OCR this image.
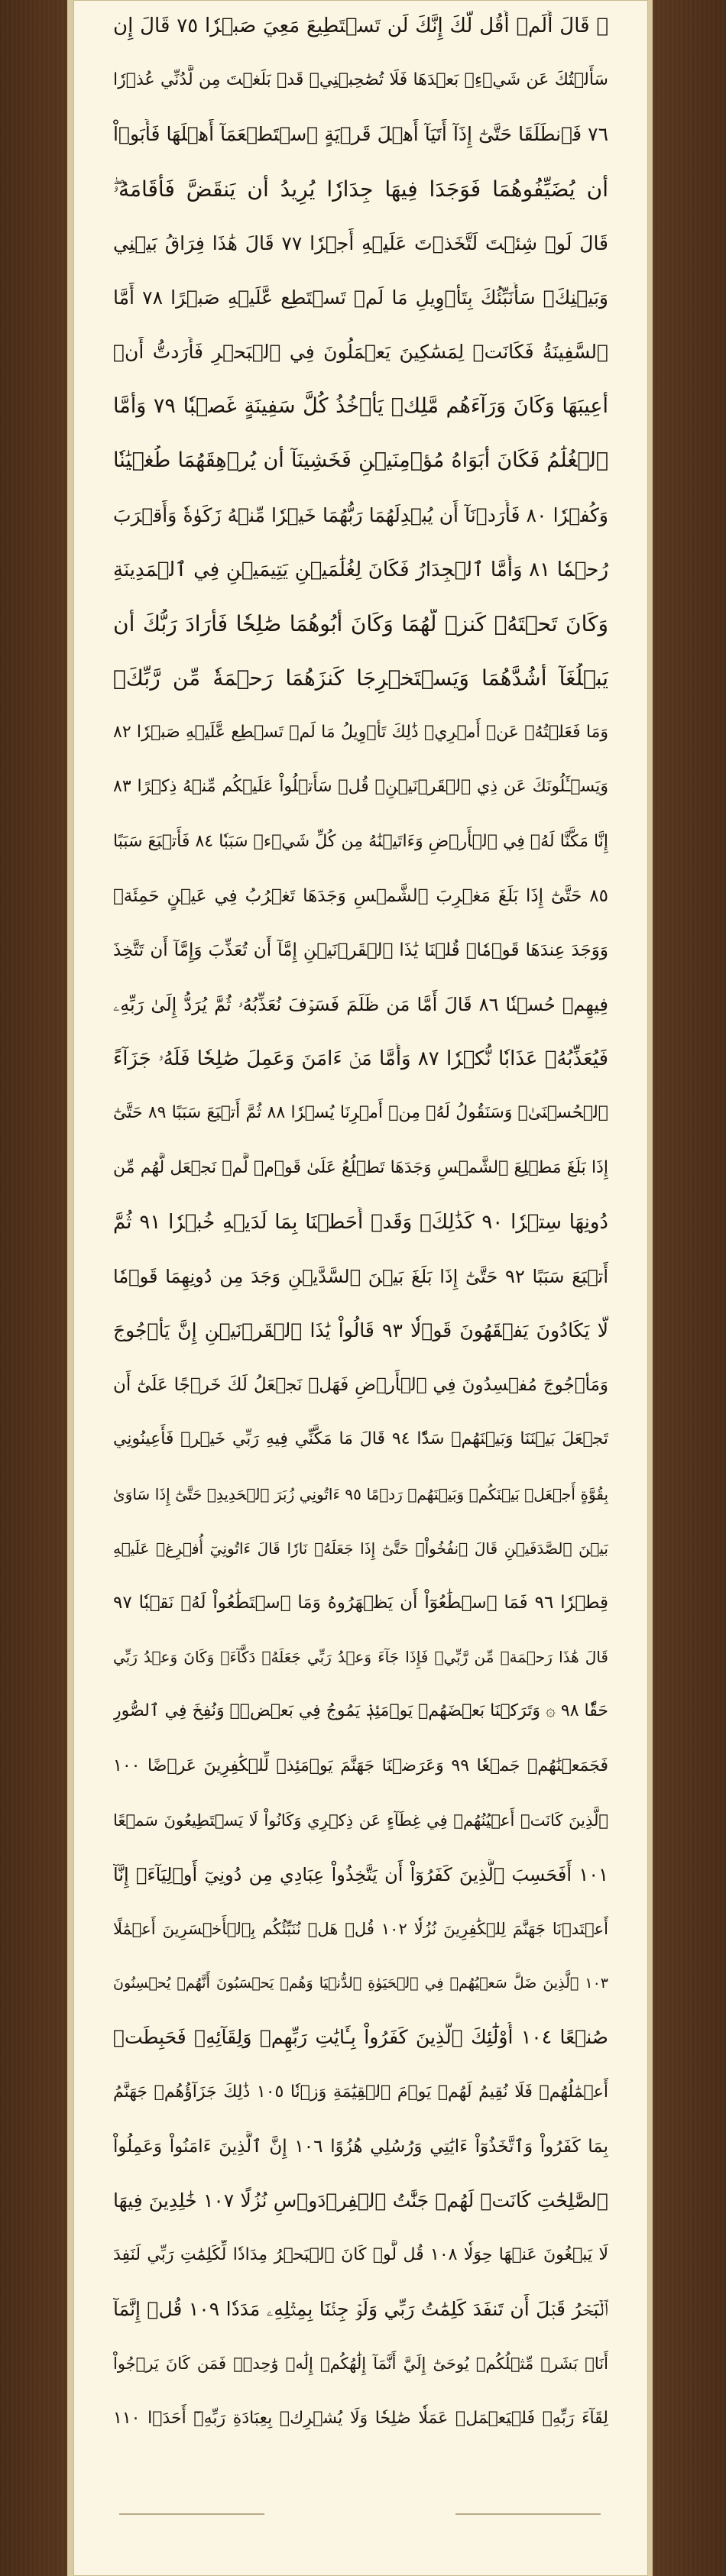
۞ قَالَ أَلَمۡ أَقُل لَّكَ إِنَّكَ لَن تَسۡتَطِيعَ مَعِيَ صَبۡرٗا ٧٥ قَالَ إِن
سَأَلۡتُكَ عَن شَيۡءِۭ بَعۡدَهَا فَلَا تُصَٰحِبۡنِيۖ قَدۡ بَلَغۡتَ مِن لَّدُنِّي عُذۡرٗا
٧٦ فَٱنطَلَقَا حَتَّىٰٓ إِذَآ أَتَيَآ أَهۡلَ قَرۡيَةٍ ٱسۡتَطۡعَمَآ أَهۡلَهَا فَأَبَوۡاْ
أَن يُضَيِّفُوهُمَا فَوَجَدَا فِيهَا جِدَارٗا يُرِيدُ أَن يَنقَضَّ فَأَقَامَهُۥۖ
قَالَ لَوۡ شِئۡتَ لَتَّخَذۡتَ عَلَيۡهِ أَجۡرٗا ٧٧ قَالَ هَٰذَا فِرَاقُ بَيۡنِي
وَبَيۡنِكَۚ سَأُنَبِّئُكَ بِتَأۡوِيلِ مَا لَمۡ تَسۡتَطِع عَّلَيۡهِ صَبۡرًا ٧٨ أَمَّا
ٱلسَّفِينَةُ فَكَانَتۡ لِمَسَٰكِينَ يَعۡمَلُونَ فِي ٱلۡبَحۡرِ فَأَرَدتُّ أَنۡ
أَعِيبَهَا وَكَانَ وَرَآءَهُم مَّلِكٞ يَأۡخُذُ كُلَّ سَفِينَةٍ غَصۡبٗا ٧٩ وَأَمَّا
ٱلۡغُلَٰمُ فَكَانَ أَبَوَاهُ مُؤۡمِنَيۡنِ فَخَشِينَآ أَن يُرۡهِقَهُمَا طُغۡيَٰنٗا
وَكُفۡرٗا ٨٠ فَأَرَدۡنَآ أَن يُبۡدِلَهُمَا رَبُّهُمَا خَيۡرٗا مِّنۡهُ زَكَوٰةٗ وَأَقۡرَبَ
رُحۡمٗا ٨١ وَأَمَّا ٱلۡجِدَارُ فَكَانَ لِغُلَٰمَيۡنِ يَتِيمَيۡنِ فِي ٱلۡمَدِينَةِ
وَكَانَ تَحۡتَهُۥ كَنزٞ لَّهُمَا وَكَانَ أَبُوهُمَا صَٰلِحٗا فَأَرَادَ رَبُّكَ أَن
يَبۡلُغَآ أَشُدَّهُمَا وَيَسۡتَخۡرِجَا كَنزَهُمَا رَحۡمَةٗ مِّن رَّبِّكَۚ
وَمَا فَعَلۡتُهُۥ عَنۡ أَمۡرِيۚ ذَٰلِكَ تَأۡوِيلُ مَا لَمۡ تَسۡطِع عَّلَيۡهِ صَبۡرٗا ٨٢
وَيَسۡـَٔلُونَكَ عَن ذِي ٱلۡقَرۡنَيۡنِۖ قُلۡ سَأَتۡلُواْ عَلَيۡكُم مِّنۡهُ ذِكۡرًا ٨٣
إِنَّا مَكَّنَّا لَهُۥ فِي ٱلۡأَرۡضِ وَءَاتَيۡنَٰهُ مِن كُلِّ شَيۡءٖ سَبَبٗا ٨٤ فَأَتۡبَعَ سَبَبًا
٨٥ حَتَّىٰٓ إِذَا بَلَغَ مَغۡرِبَ ٱلشَّمۡسِ وَجَدَهَا تَغۡرُبُ فِي عَيۡنٍ حَمِئَةٖ
وَوَجَدَ عِندَهَا قَوۡمٗاۖ قُلۡنَا يَٰذَا ٱلۡقَرۡنَيۡنِ إِمَّآ أَن تُعَذِّبَ وَإِمَّآ أَن تَتَّخِذَ
فِيهِمۡ حُسۡنٗا ٨٦ قَالَ أَمَّا مَن ظَلَمَ فَسَوۡفَ نُعَذِّبُهُۥ ثُمَّ يُرَدُّ إِلَىٰ رَبِّهِۦ
فَيُعَذِّبُهُۥ عَذَابٗا نُّكۡرٗا ٨٧ وَأَمَّا مَنۡ ءَامَنَ وَعَمِلَ صَٰلِحٗا فَلَهُۥ جَزَآءً
ٱلۡحُسۡنَىٰۖ وَسَنَقُولُ لَهُۥ مِنۡ أَمۡرِنَا يُسۡرٗا ٨٨ ثُمَّ أَتۡبَعَ سَبَبًا ٨٩ حَتَّىٰٓ
إِذَا بَلَغَ مَطۡلِعَ ٱلشَّمۡسِ وَجَدَهَا تَطۡلُعُ عَلَىٰ قَوۡمٖ لَّمۡ نَجۡعَل لَّهُم مِّن
دُونِهَا سِتۡرٗا ٩٠ كَذَٰلِكَۖ وَقَدۡ أَحَطۡنَا بِمَا لَدَيۡهِ خُبۡرٗا ٩١ ثُمَّ
أَتۡبَعَ سَبَبًا ٩٢ حَتَّىٰٓ إِذَا بَلَغَ بَيۡنَ ٱلسَّدَّيۡنِ وَجَدَ مِن دُونِهِمَا قَوۡمٗا
لَّا يَكَادُونَ يَفۡقَهُونَ قَوۡلٗا ٩٣ قَالُواْ يَٰذَا ٱلۡقَرۡنَيۡنِ إِنَّ يَأۡجُوجَ
وَمَأۡجُوجَ مُفۡسِدُونَ فِي ٱلۡأَرۡضِ فَهَلۡ نَجۡعَلُ لَكَ خَرۡجًا عَلَىٰٓ أَن
تَجۡعَلَ بَيۡنَنَا وَبَيۡنَهُمۡ سَدّٗا ٩٤ قَالَ مَا مَكَّنِّي فِيهِ رَبِّي خَيۡرٞ فَأَعِينُونِي
بِقُوَّةٍ أَجۡعَلۡ بَيۡنَكُمۡ وَبَيۡنَهُمۡ رَدۡمًا ٩٥ ءَاتُونِي زُبَرَ ٱلۡحَدِيدِۖ حَتَّىٰٓ إِذَا سَاوَىٰ
بَيۡنَ ٱلصَّدَفَيۡنِ قَالَ ٱنفُخُواْۖ حَتَّىٰٓ إِذَا جَعَلَهُۥ نَارٗا قَالَ ءَاتُونِيٓ أُفۡرِغۡ عَلَيۡهِ
قِطۡرٗا ٩٦ فَمَا ٱسۡطَٰعُوٓاْ أَن يَظۡهَرُوهُ وَمَا ٱسۡتَطَٰعُواْ لَهُۥ نَقۡبٗا ٩٧
قَالَ هَٰذَا رَحۡمَةٞ مِّن رَّبِّيۖ فَإِذَا جَآءَ وَعۡدُ رَبِّي جَعَلَهُۥ دَكَّآءَۖ وَكَانَ وَعۡدُ رَبِّي
حَقّٗا ٩٨ ۞ وَتَرَكۡنَا بَعۡضَهُمۡ يَوۡمَئِذٖ يَمُوجُ فِي بَعۡضٖۖ وَنُفِخَ فِي ٱلصُّورِ
فَجَمَعۡنَٰهُمۡ جَمۡعٗا ٩٩ وَعَرَضۡنَا جَهَنَّمَ يَوۡمَئِذٖ لِّلۡكَٰفِرِينَ عَرۡضًا ١٠٠
ٱلَّذِينَ كَانَتۡ أَعۡيُنُهُمۡ فِي غِطَآءٍ عَن ذِكۡرِي وَكَانُواْ لَا يَسۡتَطِيعُونَ سَمۡعًا
١٠١ أَفَحَسِبَ ٱلَّذِينَ كَفَرُوٓاْ أَن يَتَّخِذُواْ عِبَادِي مِن دُونِيٓ أَوۡلِيَآءَۚ إِنَّآ
أَعۡتَدۡنَا جَهَنَّمَ لِلۡكَٰفِرِينَ نُزُلٗا ١٠٢ قُلۡ هَلۡ نُنَبِّئُكُم بِٱلۡأَخۡسَرِينَ أَعۡمَٰلًا
١٠٣ ٱلَّذِينَ ضَلَّ سَعۡيُهُمۡ فِي ٱلۡحَيَوٰةِ ٱلدُّنۡيَا وَهُمۡ يَحۡسَبُونَ أَنَّهُمۡ يُحۡسِنُونَ
صُنۡعًا ١٠٤ أُوْلَٰٓئِكَ ٱلَّذِينَ كَفَرُواْ بِـَٔايَٰتِ رَبِّهِمۡ وَلِقَآئِهِۦ فَحَبِطَتۡ
أَعۡمَٰلُهُمۡ فَلَا نُقِيمُ لَهُمۡ يَوۡمَ ٱلۡقِيَٰمَةِ وَزۡنٗا ١٠٥ ذَٰلِكَ جَزَآؤُهُمۡ جَهَنَّمُ
بِمَا كَفَرُواْ وَٱتَّخَذُوٓاْ ءَايَٰتِي وَرُسُلِي هُزُوًا ١٠٦ إِنَّ ٱلَّذِينَ ءَامَنُواْ وَعَمِلُواْ
ٱلصَّٰلِحَٰتِ كَانَتۡ لَهُمۡ جَنَّٰتُ ٱلۡفِرۡدَوۡسِ نُزُلًا ١٠٧ خَٰلِدِينَ فِيهَا
لَا يَبۡغُونَ عَنۡهَا حِوَلٗا ١٠٨ قُل لَّوۡ كَانَ ٱلۡبَحۡرُ مِدَادٗا لِّكَلِمَٰتِ رَبِّي لَنَفِدَ
ٱلۡبَحۡرُ قَبۡلَ أَن تَنفَدَ كَلِمَٰتُ رَبِّي وَلَوۡ جِئۡنَا بِمِثۡلِهِۦ مَدَدٗا ١٠٩ قُلۡ إِنَّمَآ
أَنَا۠ بَشَرٞ مِّثۡلُكُمۡ يُوحَىٰٓ إِلَيَّ أَنَّمَآ إِلَٰهُكُمۡ إِلَٰهٞ وَٰحِدٞۖ فَمَن كَانَ يَرۡجُواْ
لِقَآءَ رَبِّهِۦ فَلۡيَعۡمَلۡ عَمَلٗا صَٰلِحٗا وَلَا يُشۡرِكۡ بِعِبَادَةِ رَبِّهِۦٓ أَحَدَۢا ١١٠
